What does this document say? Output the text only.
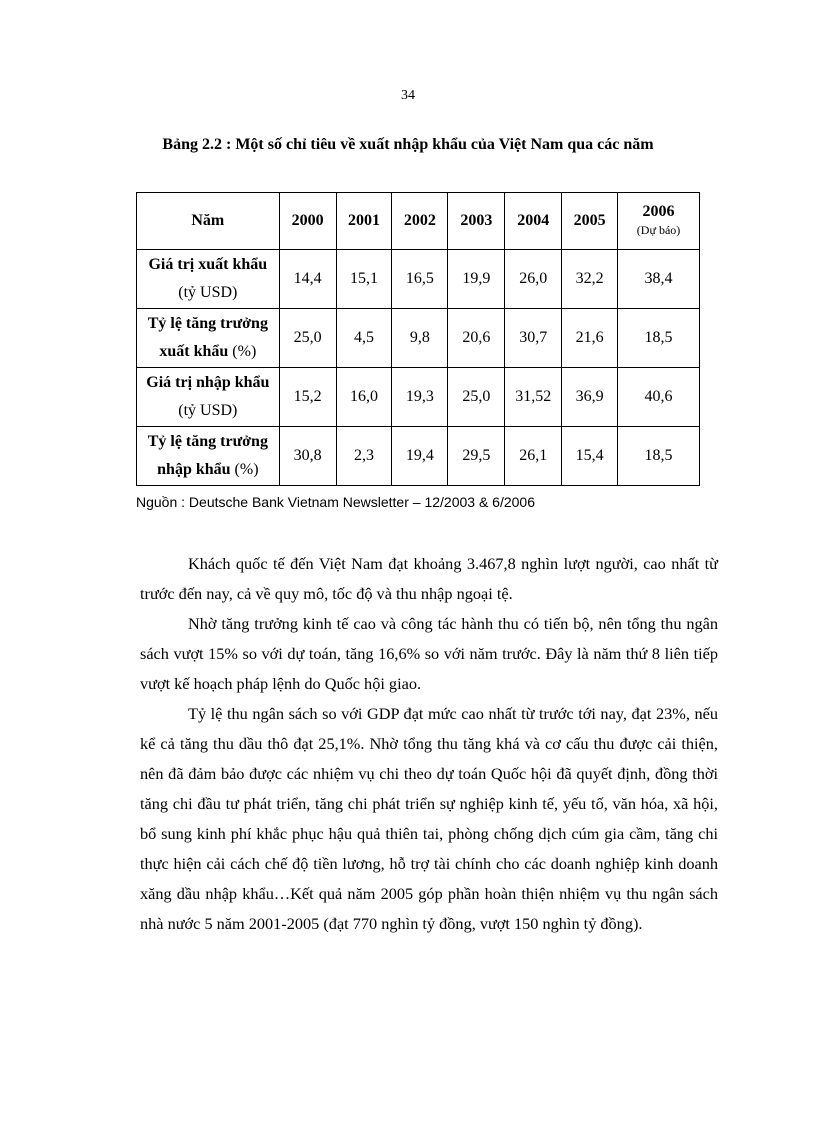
34
Bảng 2.2 : Một số chỉ tiêu về xuất nhập khẩu của Việt Nam qua các năm
Năm	2000	2001	2002	2003	2004	2005	2006
(Dự báo)

Giá trị xuất khẩu
(tỷ USD)	14,4	15,1	16,5	19,9	26,0	32,2	38,4
Tỷ lệ tăng trưởng
xuất khẩu (%)	25,0	4,5	9,8	20,6	30,7	21,6	18,5
Giá trị nhập khẩu
(tỷ USD)	15,2	16,0	19,3	25,0	31,52	36,9	40,6
Tỷ lệ tăng trưởng
nhập khẩu (%)	30,8	2,3	19,4	29,5	26,1	15,4	18,5
Nguồn : Deutsche Bank Vietnam Newsletter – 12/2003 & 6/2006

Khách quốc tế đến Việt Nam đạt khoảng 3.467,8 nghìn lượt người, cao nhất từ trước đến nay, cả về quy mô, tốc độ và thu nhập ngoại tệ.

Nhờ tăng trưởng kinh tế cao và công tác hành thu có tiến bộ, nên tổng thu ngân sách vượt 15% so với dự toán, tăng 16,6% so với năm trước. Đây là năm thứ 8 liên tiếp vượt kế hoạch pháp lệnh do Quốc hội giao.

Tỷ lệ thu ngân sách so với GDP đạt mức cao nhất từ trước tới nay, đạt 23%, nếu kể cả tăng thu dầu thô đạt 25,1%. Nhờ tổng thu tăng khá và cơ cấu thu được cải thiện, nên đã đảm bảo được các nhiệm vụ chi theo dự toán Quốc hội đã quyết định, đồng thời tăng chi đầu tư phát triển, tăng chi phát triển sự nghiệp kinh tế, yếu tố, văn hóa, xã hội, bổ sung kinh phí khắc phục hậu quả thiên tai, phòng chống dịch cúm gia cầm, tăng chi thực hiện cải cách chế độ tiền lương, hỗ trợ tài chính cho các doanh nghiệp kinh doanh xăng dầu nhập khẩu…Kết quả năm 2005 góp phần hoàn thiện nhiệm vụ thu ngân sách nhà nước 5 năm 2001-2005 (đạt 770 nghìn tỷ đồng, vượt 150 nghìn tỷ đồng).
